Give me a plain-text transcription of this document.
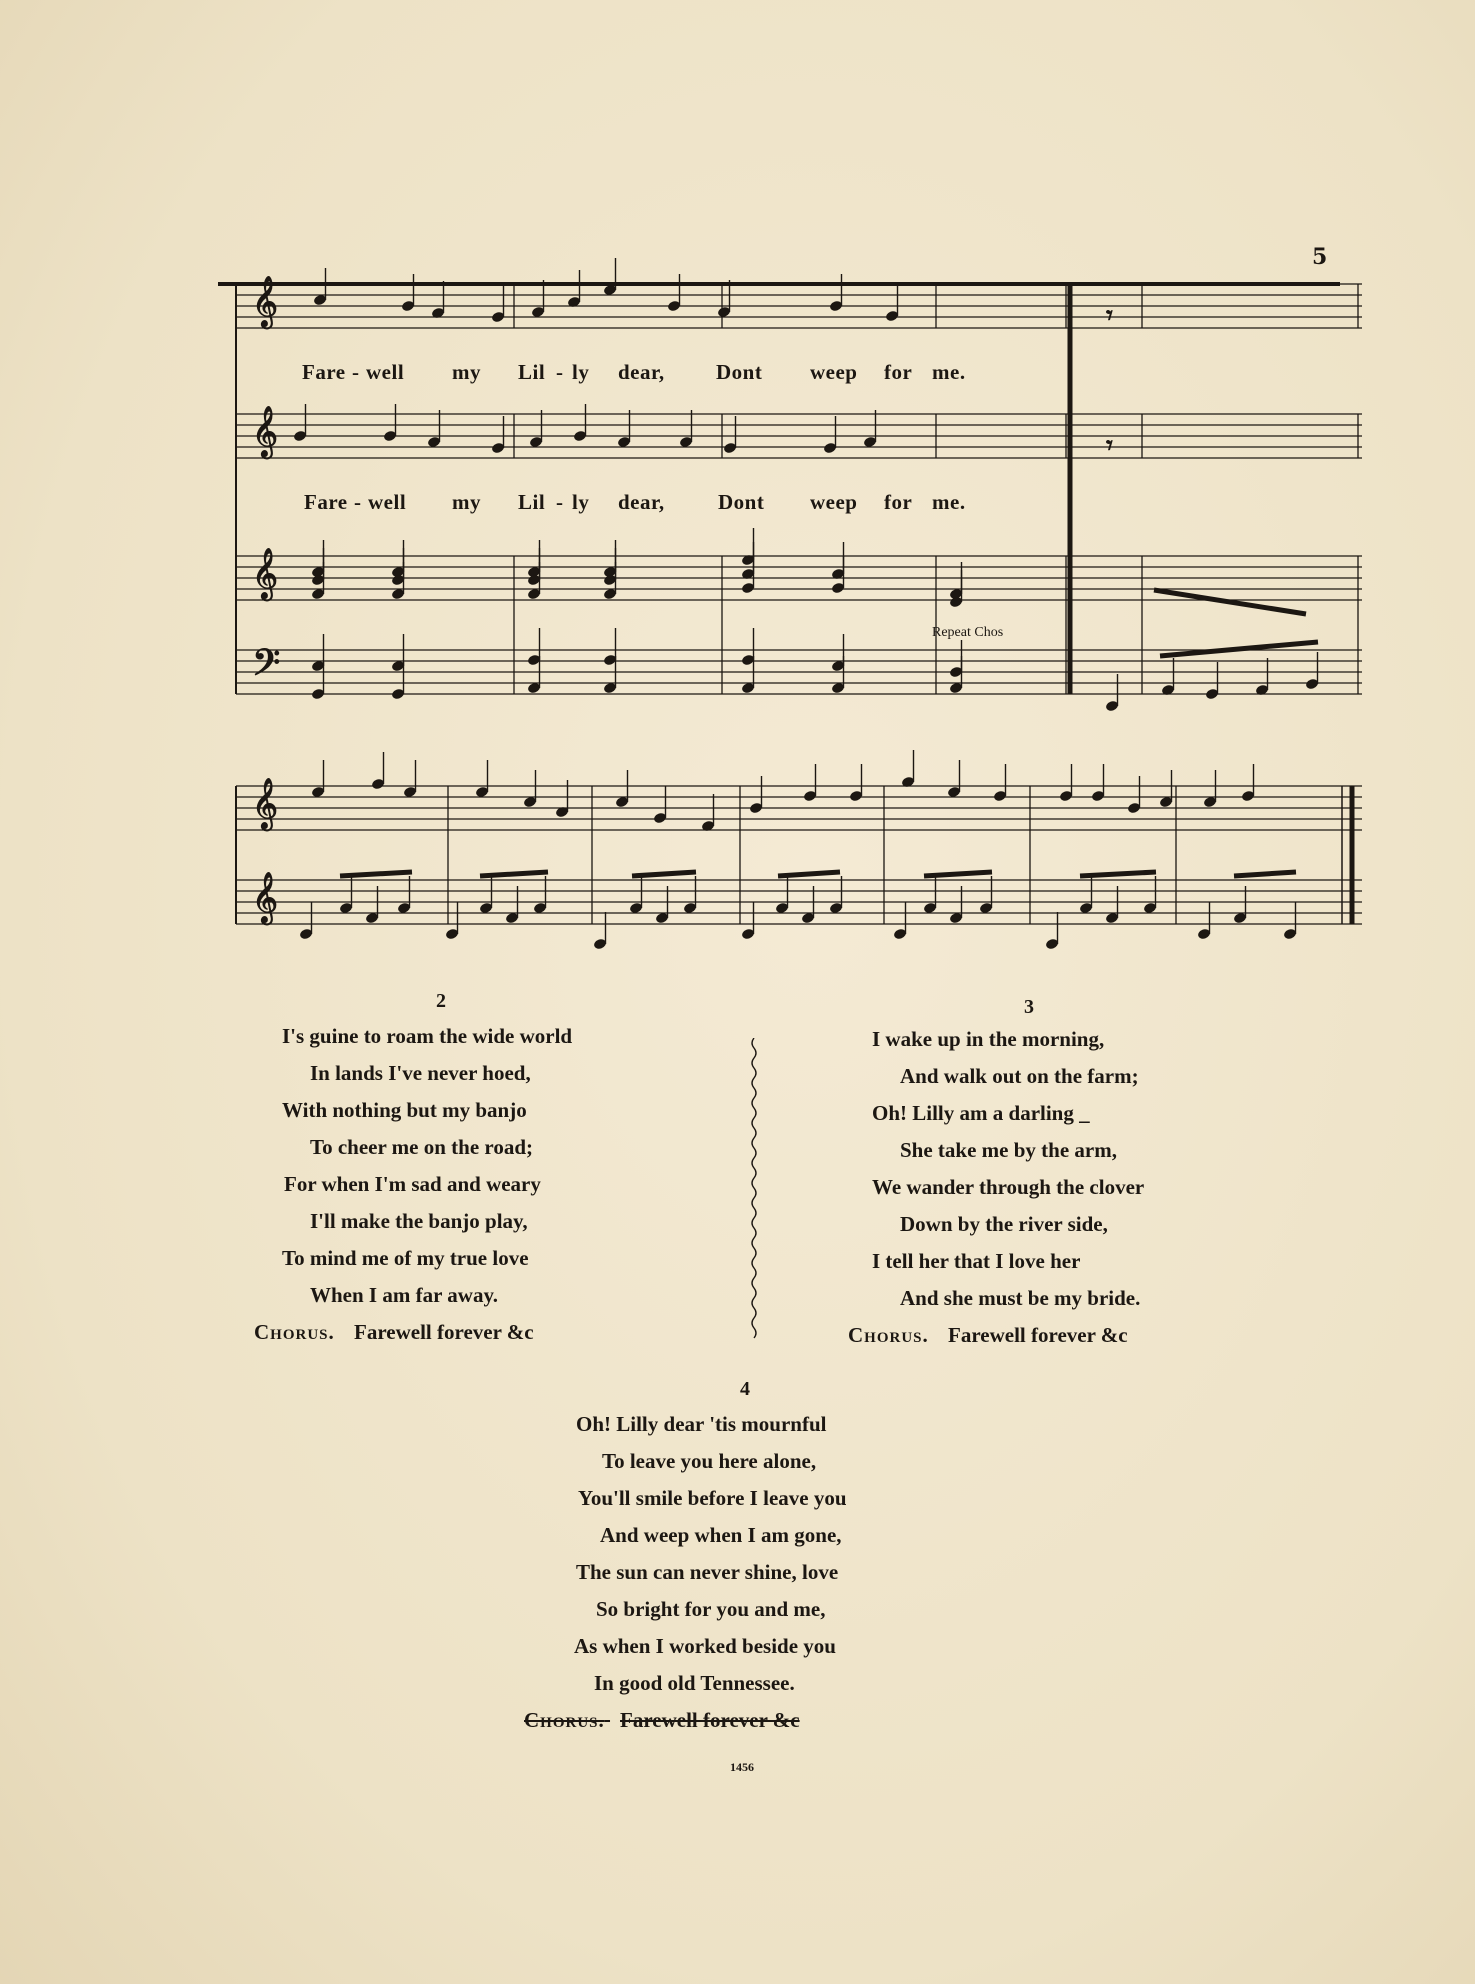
5
𝄞
𝄞
𝄞
𝄢
𝄞
𝄞
𝄾
𝄾
Fare - well my Lil - ly dear, Dont weep for me.
Fare - well my Lil - ly dear,	Dont weep for me.
Repeat Chos
2
I's guine to roam the wide world
In lands I've never hoed,
With nothing but my banjo
To cheer me on the road;
For when I'm sad and weary
I'll make the banjo play,
To mind me of my true love
When I am far away.
Chorus. Farewell forever &c
3
I wake up in the morning,
And walk out on the farm;
Oh! Lilly am a darling _
She take me by the arm,
We wander through the clover
Down by the river side,
I tell her that I love her
And she must be my bride.
Chorus. Farewell forever &c
4
Oh! Lilly dear 'tis mournful
To leave you here alone,
You'll smile before I leave you
And weep when I am gone,
The sun can never shine, love
So bright for you and me,
As when I worked beside you
In good old Tennessee.
Chorus. Farewell forever &c
1456
